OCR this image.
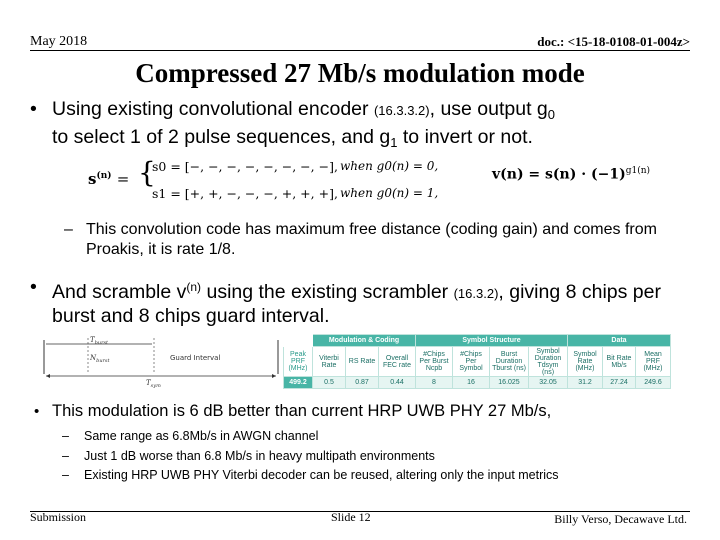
May 2018	doc.: <15-18-0108-01-004z>
Compressed 27 Mb/s modulation mode
• Using existing convolutional encoder (16.3.3.2), use output $g_0$
to select 1 of 2 pulse sequences, and $g_1$ to invert or not.
$s^{(n)}$ = {
s0 = [−, −, −, −, −, −, −, −],
s1 = [+, +, −, −, −, +, +, +],
when g0(n) = 0,
when g0(n) = 1,
$v(n) = s(n) \cdot (-1)^{g1(n)}$
– This convolution code has maximum free distance (coding gain) and comes from Proakis, it is rate 1/8.
• And scramble $v^{(n)}$ using the existing scrambler (16.3.2), giving 8 chips per burst and 8 chips guard interval.
$T_{burst}$
$N_{burst}$	Guard Interval
$T_{sym}$
	Modulation & Coding			Symbol Structure				Data		
Peak PRF (MHz)	Viterbi Rate	RS Rate	Overall FEC rate	#Chips Per Burst Ncpb	#Chips Per Symbol	Burst Duration Tburst (ns)	Symbol Duration Tdsym (ns)	Symbol Rate (MHz)	Bit Rate Mb/s	Mean PRF (MHz)
499.2	0.5	0.87	0.44	8	16	16.025	32.05	31.2	27.24	249.6
• This modulation is 6 dB better than current HRP UWB PHY 27 Mb/s,
– Same range as 6.8Mb/s in AWGN channel
– Just 1 dB worse than 6.8 Mb/s in heavy multipath environments
– Existing HRP UWB PHY Viterbi decoder can be reused, altering only the input metrics
Submission	Slide 12	Billy Verso, Decawave Ltd.
